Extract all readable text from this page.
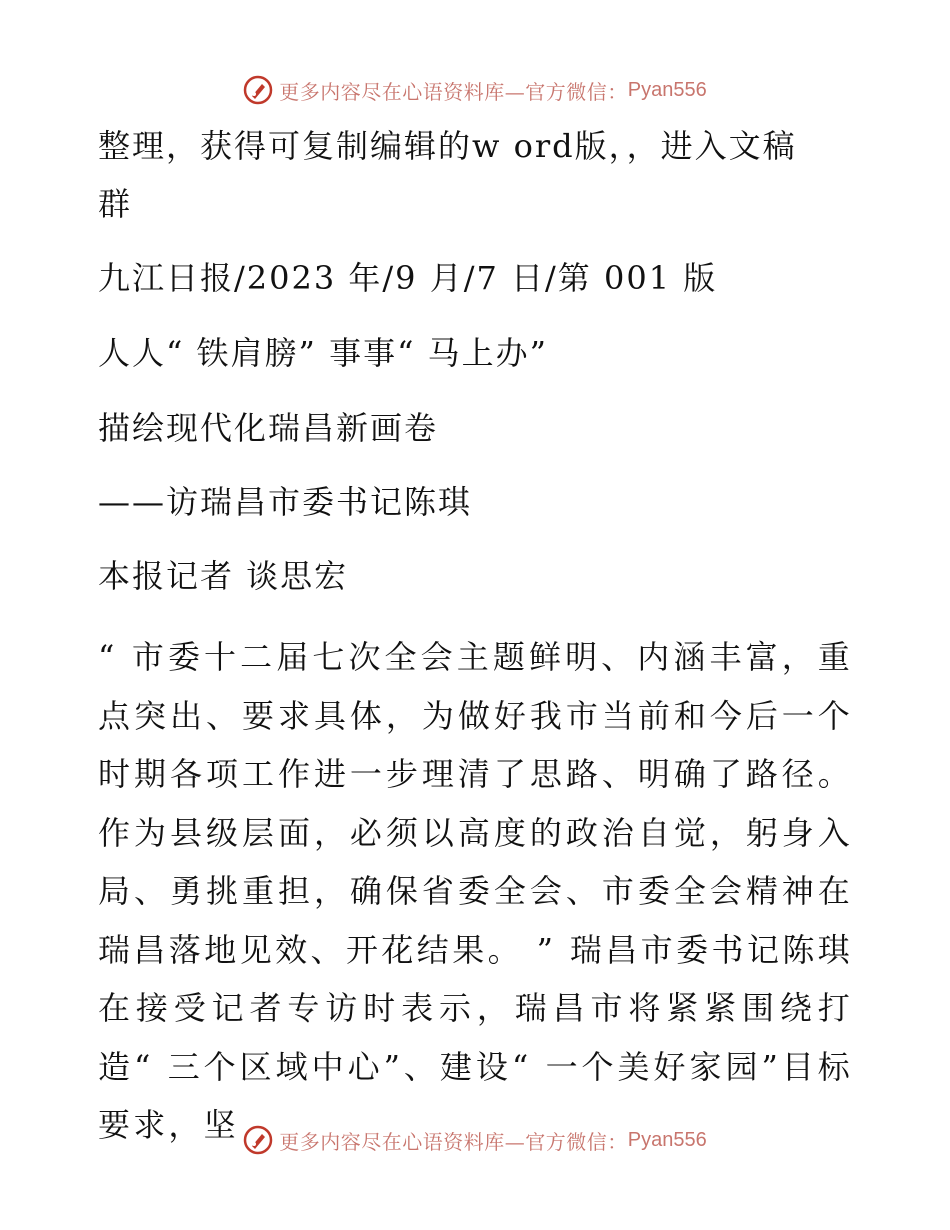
更多内容尽在心语资料库—官方微信： Pyan556
整理，获得可复制编辑的w ord版，，进入文稿
群
九江日报/2023 年/9 月/7 日/第 001 版
人人“ 铁肩膀” 事事“ 马上办”
描绘现代化瑞昌新画卷
——访瑞昌市委书记陈琪
本报记者 谈思宏
“ 市委十二届七次全会主题鲜明、内涵丰富，重点突出、要求具体，为做好我市当前和今后一个时期各项工作进一步理清了思路、明确了路径。作为县级层面，必须以高度的政治自觉，躬身入局、勇挑重担，确保省委全会、市委全会精神在瑞昌落地见效、开花结果。 ” 瑞昌市委书记陈琪在接受记者专访时表示，瑞昌市将紧紧围绕打造“ 三个区域中心”、建设“ 一个美好家园”目标要求，坚	更多内容尽在心语资料库—官方微信： Pyan556
